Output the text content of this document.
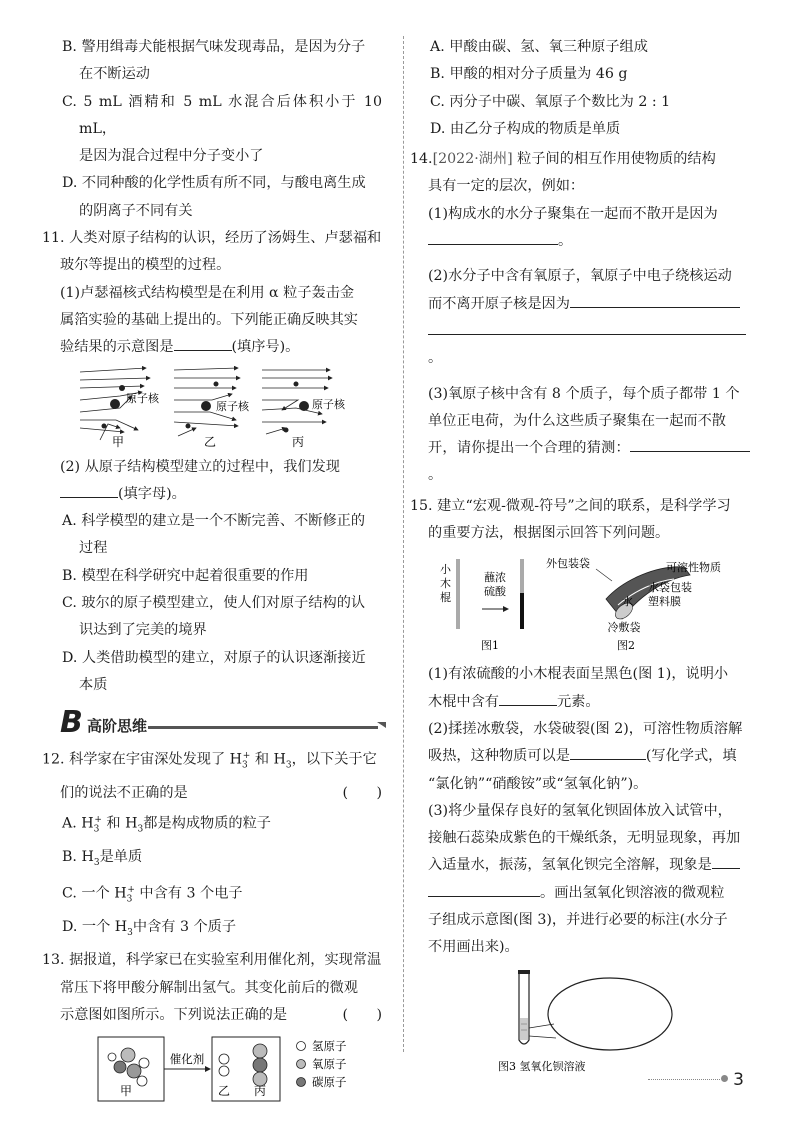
B. 警用缉毒犬能根据气味发现毒品，是因为分子
在不断运动

C. 5 mL 酒精和 5 mL 水混合后体积小于 10 mL，
是因为混合过程中分子变小了

D. 不同种酸的化学性质有所不同，与酸电离生成
的阴离子不同有关

11. 人类对原子结构的认识，经历了汤姆生、卢瑟福和
玻尔等提出的模型的过程。

(1)卢瑟福核式结构模型是在利用 α 粒子轰击金
属箔实验的基础上提出的。下列能正确反映其实
验结果的示意图是	(填序号)。

原子核
原子核	原子核
甲	乙	丙

(2) 从原子结构模型建立的过程中，我们发现
(填字母)。

A. 科学模型的建立是一个不断完善、不断修正的
过程

B. 模型在科学研究中起着很重要的作用

C. 玻尔的原子模型建立，使人们对原子结构的认
识达到了完美的境界

D. 人类借助模型的建立，对原子的认识逐渐接近
本质

B 高阶思维

12. 科学家在宇宙深处发现了 $H_3^+$ 和 $H_3$，以下关于它
们的说法不正确的是	(　　)

A. $H_3^+$ 和 $H_3$都是构成物质的粒子

B. $H_3$是单质

C. 一个 $H_3^+$ 中含有 3 个电子

D. 一个 $H_3$中含有 3 个质子

13. 据报道，科学家已在实验室利用催化剂，实现常温
常压下将甲酸分解制出氢气。其变化前后的微观
示意图如图所示。下列说法正确的是	(　　)

甲
催化剂
乙 丙
氢原子
氧原子
碳原子

A. 甲酸由碳、氢、氧三种原子组成

B. 甲酸的相对分子质量为 46 g

C. 丙分子中碳、氧原子个数比为 2 : 1

D. 由乙分子构成的物质是单质

14.[2022·湖州] 粒子间的相互作用使物质的结构
具有一定的层次，例如：

(1)构成水的水分子聚集在一起而不散开是因为
。

(2)水分子中含有氧原子，氧原子中电子绕核运动
而不离开原子核是因为
。

(3)氧原子核中含有 8 个质子，每个质子都带 1 个
单位正电荷，为什么这些质子聚集在一起而不散
开，请你提出一个合理的猜测：。

15. 建立“宏观-微观-符号”之间的联系，是科学学习
的重要方法，根据图示回答下列问题。

小
木
棍
蘸浓
硫酸
图1
外包装袋	可溶性物质
水袋包装
塑料膜
水
冷敷袋
图2

(1)有浓硫酸的小木棍表面呈黑色(图 1)，说明小
木棍中含有	元素。

(2)揉搓冰敷袋，水袋破裂(图 2)，可溶性物质溶解
吸热，这种物质可以是	(写化学式，填
“氯化钠”“硝酸铵”或“氢氧化钠”)。

(3)将少量保存良好的氢氧化钡固体放入试管中，
接触石蕊染成紫色的干燥纸条，无明显现象，再加
入适量水，振荡，氢氧化钡完全溶解，现象是
。画出氢氧化钡溶液的微观粒
子组成示意图(图 3)，并进行必要的标注(水分子
不用画出来)。

图3 氢氧化钡溶液
3
